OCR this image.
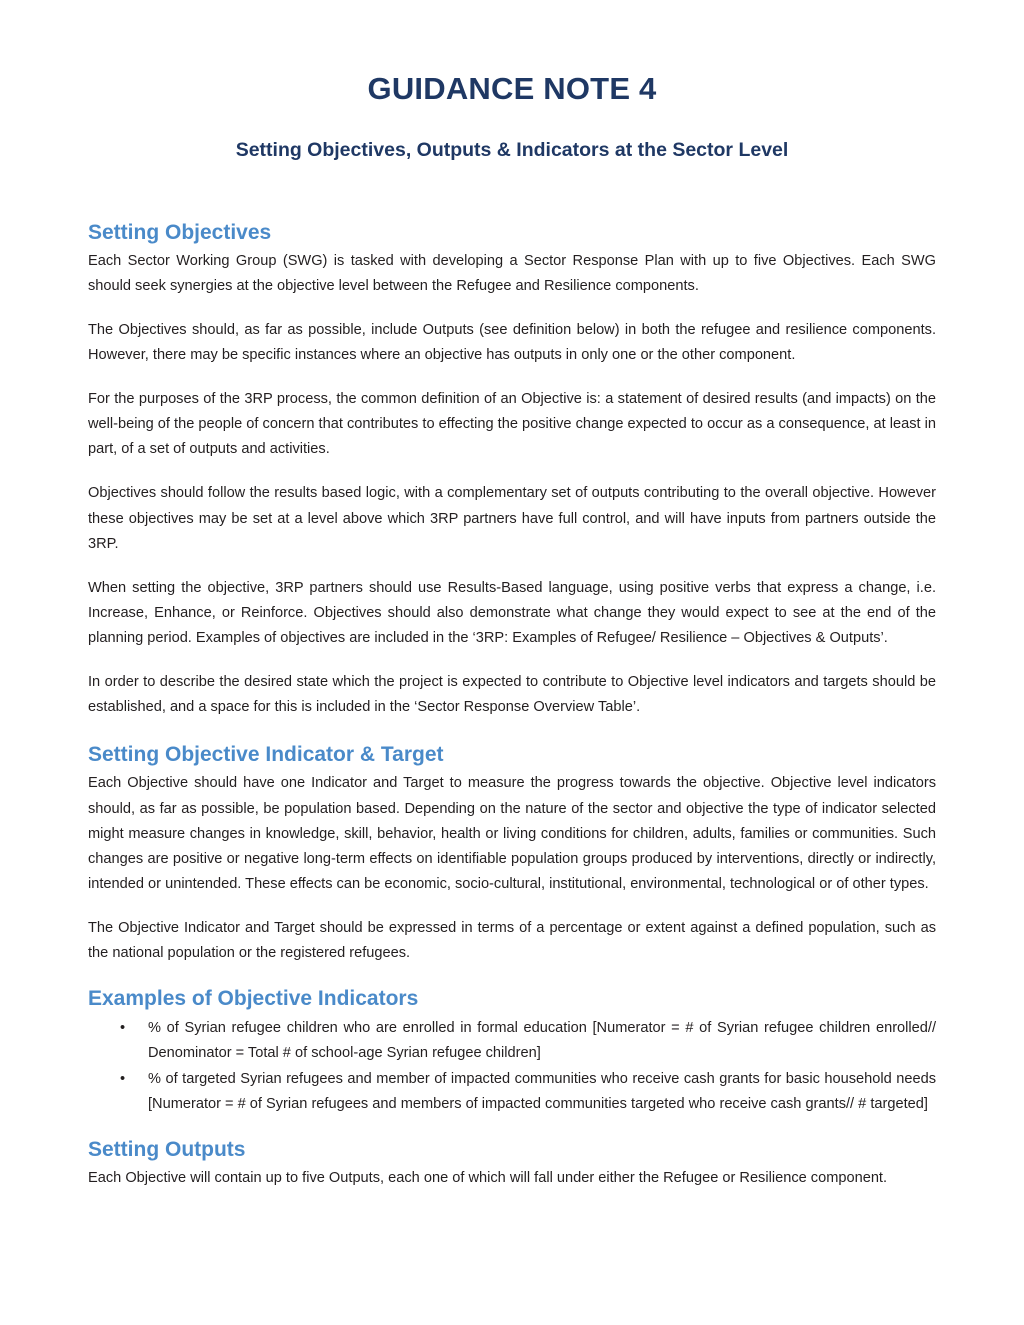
GUIDANCE NOTE 4
Setting Objectives, Outputs & Indicators at the Sector Level
Setting Objectives

Each Sector Working Group (SWG) is tasked with developing a Sector Response Plan with up to five Objectives. Each SWG should seek synergies at the objective level between the Refugee and Resilience components.

The Objectives should, as far as possible, include Outputs (see definition below) in both the refugee and resilience components. However, there may be specific instances where an objective has outputs in only one or the other component.

For the purposes of the 3RP process, the common definition of an Objective is: a statement of desired results (and impacts) on the well-being of the people of concern that contributes to effecting the positive change expected to occur as a consequence, at least in part, of a set of outputs and activities.

Objectives should follow the results based logic, with a complementary set of outputs contributing to the overall objective. However these objectives may be set at a level above which 3RP partners have full control, and will have inputs from partners outside the 3RP.

When setting the objective, 3RP partners should use Results-Based language, using positive verbs that express a change, i.e. Increase, Enhance, or Reinforce. Objectives should also demonstrate what change they would expect to see at the end of the planning period. Examples of objectives are included in the ‘3RP: Examples of Refugee/ Resilience – Objectives & Outputs’.

In order to describe the desired state which the project is expected to contribute to Objective level indicators and targets should be established, and a space for this is included in the ‘Sector Response Overview Table’.

Setting Objective Indicator & Target

Each Objective should have one Indicator and Target to measure the progress towards the objective. Objective level indicators should, as far as possible, be population based. Depending on the nature of the sector and objective the type of indicator selected might measure changes in knowledge, skill, behavior, health or living conditions for children, adults, families or communities. Such changes are positive or negative long-term effects on identifiable population groups produced by interventions, directly or indirectly, intended or unintended. These effects can be economic, socio-cultural, institutional, environmental, technological or of other types.

The Objective Indicator and Target should be expressed in terms of a percentage or extent against a defined population, such as the national population or the registered refugees.

Examples of Objective Indicators
• % of Syrian refugee children who are enrolled in formal education [Numerator = # of Syrian refugee children enrolled// Denominator = Total # of school-age Syrian refugee children]
• % of targeted Syrian refugees and member of impacted communities who receive cash grants for basic household needs [Numerator = # of Syrian refugees and members of impacted communities targeted who receive cash grants// # targeted]
Setting Outputs

Each Objective will contain up to five Outputs, each one of which will fall under either the Refugee or Resilience component.
